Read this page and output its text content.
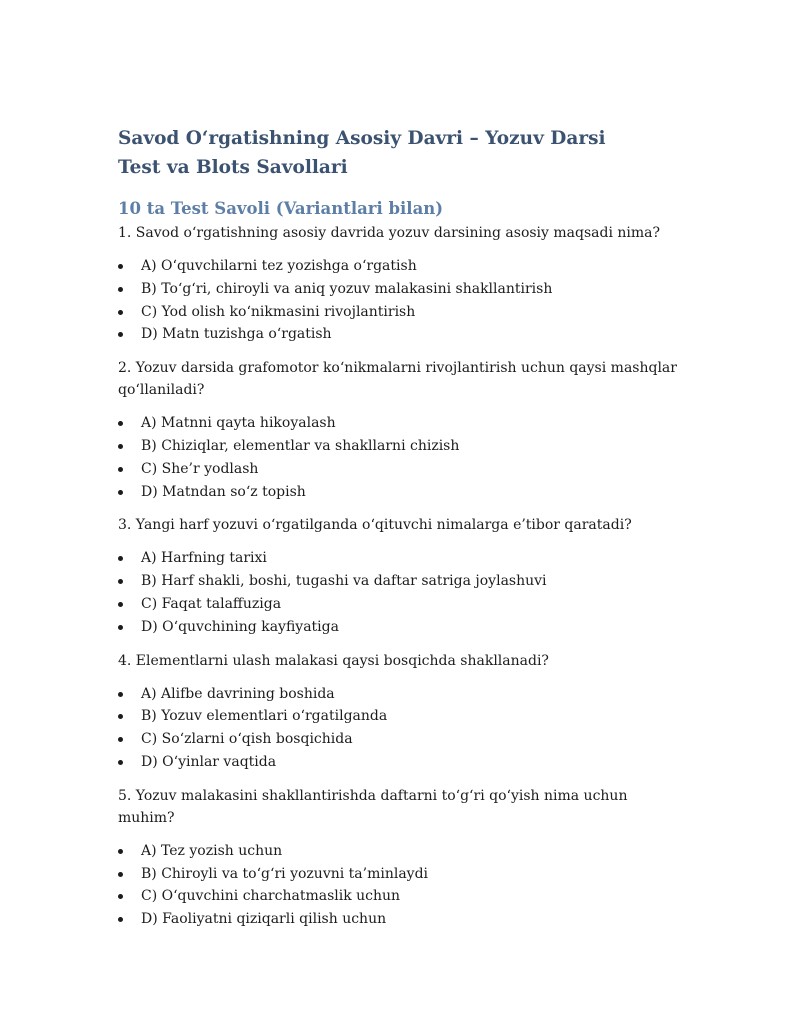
Savod O‘rgatishning Asosiy Davri – Yozuv Darsi
Test va Blots Savollari
10 ta Test Savoli (Variantlari bilan)

1. Savod o‘rgatishning asosiy davrida yozuv darsining asosiy maqsadi nima?

A) O‘quvchilarni tez yozishga o‘rgatish
B) To‘g‘ri, chiroyli va aniq yozuv malakasini shakllantirish
C) Yod olish ko‘nikmasini rivojlantirish
D) Matn tuzishga o‘rgatish

2. Yozuv darsida grafomotor ko‘nikmalarni rivojlantirish uchun qaysi mashqlar qo‘llaniladi?

A) Matnni qayta hikoyalash
B) Chiziqlar, elementlar va shakllarni chizish
C) She’r yodlash
D) Matndan so‘z topish

3. Yangi harf yozuvi o‘rgatilganda o‘qituvchi nimalarga e’tibor qaratadi?

A) Harfning tarixi
B) Harf shakli, boshi, tugashi va daftar satriga joylashuvi
C) Faqat talaffuziga
D) O‘quvchining kayfiyatiga

4. Elementlarni ulash malakasi qaysi bosqichda shakllanadi?

A) Alifbe davrining boshida
B) Yozuv elementlari o‘rgatilganda
C) So‘zlarni o‘qish bosqichida
D) O‘yinlar vaqtida

5. Yozuv malakasini shakllantirishda daftarni to‘g‘ri qo‘yish nima uchun muhim?

A) Tez yozish uchun
B) Chiroyli va to‘g‘ri yozuvni ta’minlaydi
C) O‘quvchini charchatmaslik uchun
D) Faoliyatni qiziqarli qilish uchun
